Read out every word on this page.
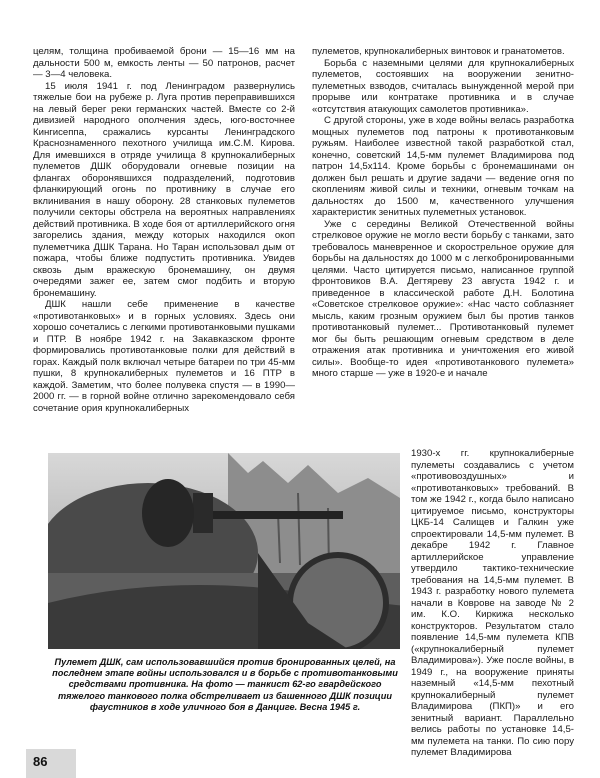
целям, толщина пробиваемой брони — 15—16 мм на дальности 500 м, емкость ленты — 50 патронов, расчет — 3—4 человека.

15 июля 1941 г. под Ленинградом развернулись тяжелые бои на рубеже р. Луга против переправившихся на левый берег реки германских частей. Вместе со 2-й дивизией народного ополчения здесь, юго-восточнее Кингисеппа, сражались курсанты Ленинградского Краснознаменного пехотного училища им.С.М. Кирова. Для имевшихся в отряде училища 8 крупнокалиберных пулеметов ДШК оборудовали огневые позиции на флангах оборонявшихся подразделений, подготовив фланкирующий огонь по противнику в случае его вклинивания в нашу оборону. 28 станковых пулеметов получили секторы обстрела на вероятных направлениях действий противника. В ходе боя от артиллерийского огня загорелись здания, между которых находился окоп пулеметчика ДШК Тарана. Но Таран использовал дым от пожара, чтобы ближе подпустить противника. Увидев сквозь дым вражескую бронемашину, он двумя очередями зажег ее, затем смог подбить и вторую бронемашину.

ДШК нашли себе применение в качестве «противотанковых» и в горных условиях. Здесь они хорошо сочетались с легкими противотанковыми пушками и ПТР. В ноябре 1942 г. на Закавказском фронте формировались противотанковые полки для действий в горах. Каждый полк включал четыре батареи по три 45-мм пушки, 8 крупнокалиберных пулеметов и 16 ПТР в каждой. Заметим, что более полувека спустя — в 1990—2000 гг. — в горной войне отлично зарекомендовало себя сочетание ория крупнокалиберных

пулеметов, крупнокалиберных винтовок и гранатометов.

Борьба с наземными целями для крупнокалиберных пулеметов, состоявших на вооружении зенитно-пулеметных взводов, считалась вынужденной мерой при прорыве или контратаке противника и в случае «отсутствия атакующих самолетов противника».

С другой стороны, уже в ходе войны велась разработка мощных пулеметов под патроны к противотанковым ружьям. Наиболее известной такой разработкой стал, конечно, советский 14,5-мм пулемет Владимирова под патрон 14,5х114. Кроме борьбы с бронемашинами он должен был решать и другие задачи — ведение огня по скоплениям живой силы и техники, огневым точкам на дальностях до 1500 м, качественного улучшения характеристик зенитных пулеметных установок.

Уже с середины Великой Отечественной войны стрелковое оружие не могло вести борьбу с танками, зато требовалось маневренное и скорострельное оружие для борьбы на дальностях до 1000 м с легкобронированными целями. Часто цитируется письмо, написанное группой фронтовиков В.А. Дегтяреву 23 августа 1942 г. и приведенное в классической работе Д.Н. Болотина «Советское стрелковое оружие»: «Нас часто соблазняет мысль, каким грозным оружием был бы против танков противотанковый пулемет... Противотанковый пулемет мог бы быть решающим огневым средством в деле отражения атак противника и уничтожения его живой силы». Вообще-то идея «противотанкового пулемета» много старше — уже в 1920-е и начале

1930-х гг. крупнокалиберные пулеметы создавались с учетом «противовоздушных» и «противотанковых» требований. В том же 1942 г., когда было написано цитируемое письмо, конструкторы ЦКБ-14 Салищев и Галкин уже спроектировали 14,5-мм пулемет. В декабре 1942 г. Главное артиллерийское управление утвердило тактико-технические требования на 14,5-мм пулемет. В 1943 г. разработку нового пулемета начали в Коврове на заводе № 2 им. К.О. Киркижа несколько конструкторов. Результатом стало появление 14,5-мм пулемета КПВ («крупнокалиберный пулемет Владимирова»). Уже после войны, в 1949 г., на вооружение приняты наземный «14,5-мм пехотный крупнокалиберный пулемет Владимирова (ПКП)» и его зенитный вариант. Параллельно велись работы по установке 14,5-мм пулемета на танки. По сию пору пулемет Владимирова

Пулемет ДШК, сам использовавшийся против бронированных целей, на последнем этапе войны использовался и в борьбе с противотанковыми средствами противника. На фото — танкист 62-го гвардейского тяжелого танкового полка обстреливает из башенного ДШК позиции фаустников в ходе уличного боя в Данциге. Весна 1945 г.
86
